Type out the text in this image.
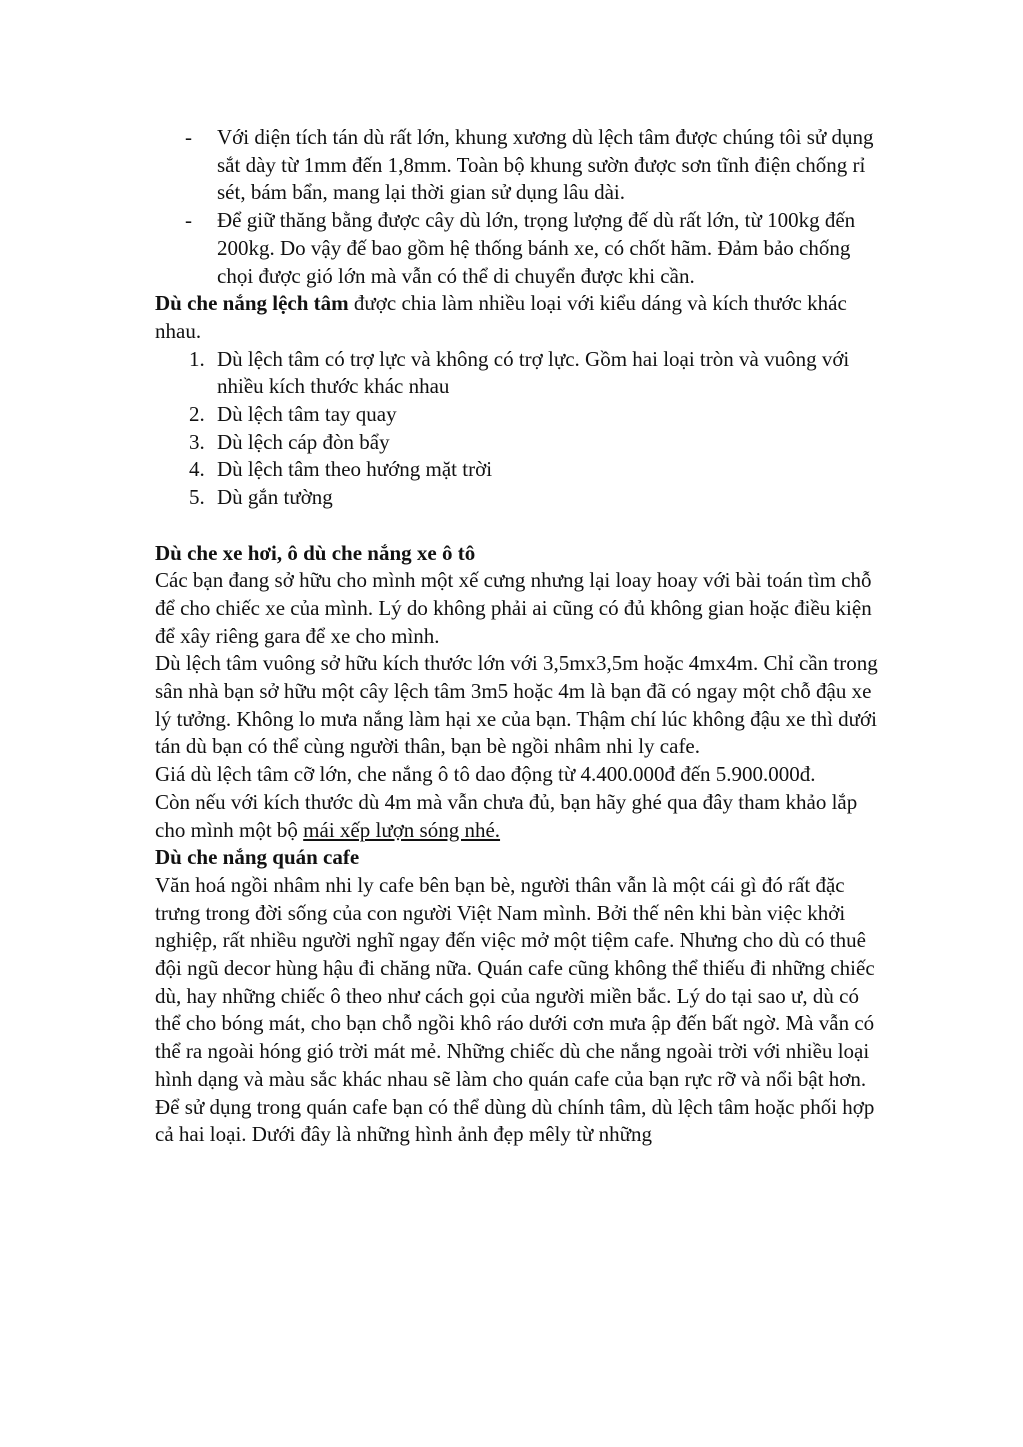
- Với diện tích tán dù rất lớn, khung xương dù lệch tâm được chúng tôi sử dụng sắt dày từ 1mm đến 1,8mm. Toàn bộ khung sườn được sơn tĩnh điện chống rỉ sét, bám bẩn, mang lại thời gian sử dụng lâu dài.
- Để giữ thăng bằng được cây dù lớn, trọng lượng đế dù rất lớn, từ 100kg đến 200kg. Do vậy đế bao gồm hệ thống bánh xe, có chốt hãm. Đảm bảo chống chọi được gió lớn mà vẫn có thể di chuyển được khi cần.

Dù che nắng lệch tâm được chia làm nhiều loại với kiểu dáng và kích thước khác nhau.

1. Dù lệch tâm có trợ lực và không có trợ lực. Gồm hai loại tròn và vuông với nhiều kích thước khác nhau
2. Dù lệch tâm tay quay
3. Dù lệch cáp đòn bẩy
4. Dù lệch tâm theo hướng mặt trời
5. Dù gắn tường

Dù che xe hơi, ô dù che nắng xe ô tô

Các bạn đang sở hữu cho mình một xế cưng nhưng lại loay hoay với bài toán tìm chỗ để cho chiếc xe của mình. Lý do không phải ai cũng có đủ không gian hoặc điều kiện để xây riêng gara để xe cho mình.

Dù lệch tâm vuông sở hữu kích thước lớn với 3,5mx3,5m hoặc 4mx4m. Chỉ cần trong sân nhà bạn sở hữu một cây lệch tâm 3m5 hoặc 4m là bạn đã có ngay một chỗ đậu xe lý tưởng. Không lo mưa nắng làm hại xe của bạn. Thậm chí lúc không đậu xe thì dưới tán dù bạn có thể cùng người thân, bạn bè ngồi nhâm nhi ly cafe.

Giá dù lệch tâm cỡ lớn, che nắng ô tô dao động từ 4.400.000đ đến 5.900.000đ.

Còn nếu với kích thước dù 4m mà vẫn chưa đủ, bạn hãy ghé qua đây tham khảo lắp cho mình một bộ mái xếp lượn sóng nhé.

Dù che nắng quán cafe

Văn hoá ngồi nhâm nhi ly cafe bên bạn bè, người thân vẫn là một cái gì đó rất đặc trưng trong đời sống của con người Việt Nam mình. Bởi thế nên khi bàn việc khởi nghiệp, rất nhiều người nghĩ ngay đến việc mở một tiệm cafe. Nhưng cho dù có thuê đội ngũ decor hùng hậu đi chăng nữa. Quán cafe cũng không thể thiếu đi những chiếc dù, hay những chiếc ô theo như cách gọi của người miền bắc. Lý do tại sao ư, dù có thể cho bóng mát, cho bạn chỗ ngồi khô ráo dưới cơn mưa ập đến bất ngờ. Mà vẫn có thể ra ngoài hóng gió trời mát mẻ. Những chiếc dù che nắng ngoài trời với nhiều loại hình dạng và màu sắc khác nhau sẽ làm cho quán cafe của bạn rực rỡ và nổi bật hơn.

Để sử dụng trong quán cafe bạn có thể dùng dù chính tâm, dù lệch tâm hoặc phối hợp cả hai loại. Dưới đây là những hình ảnh đẹp mêly từ những
